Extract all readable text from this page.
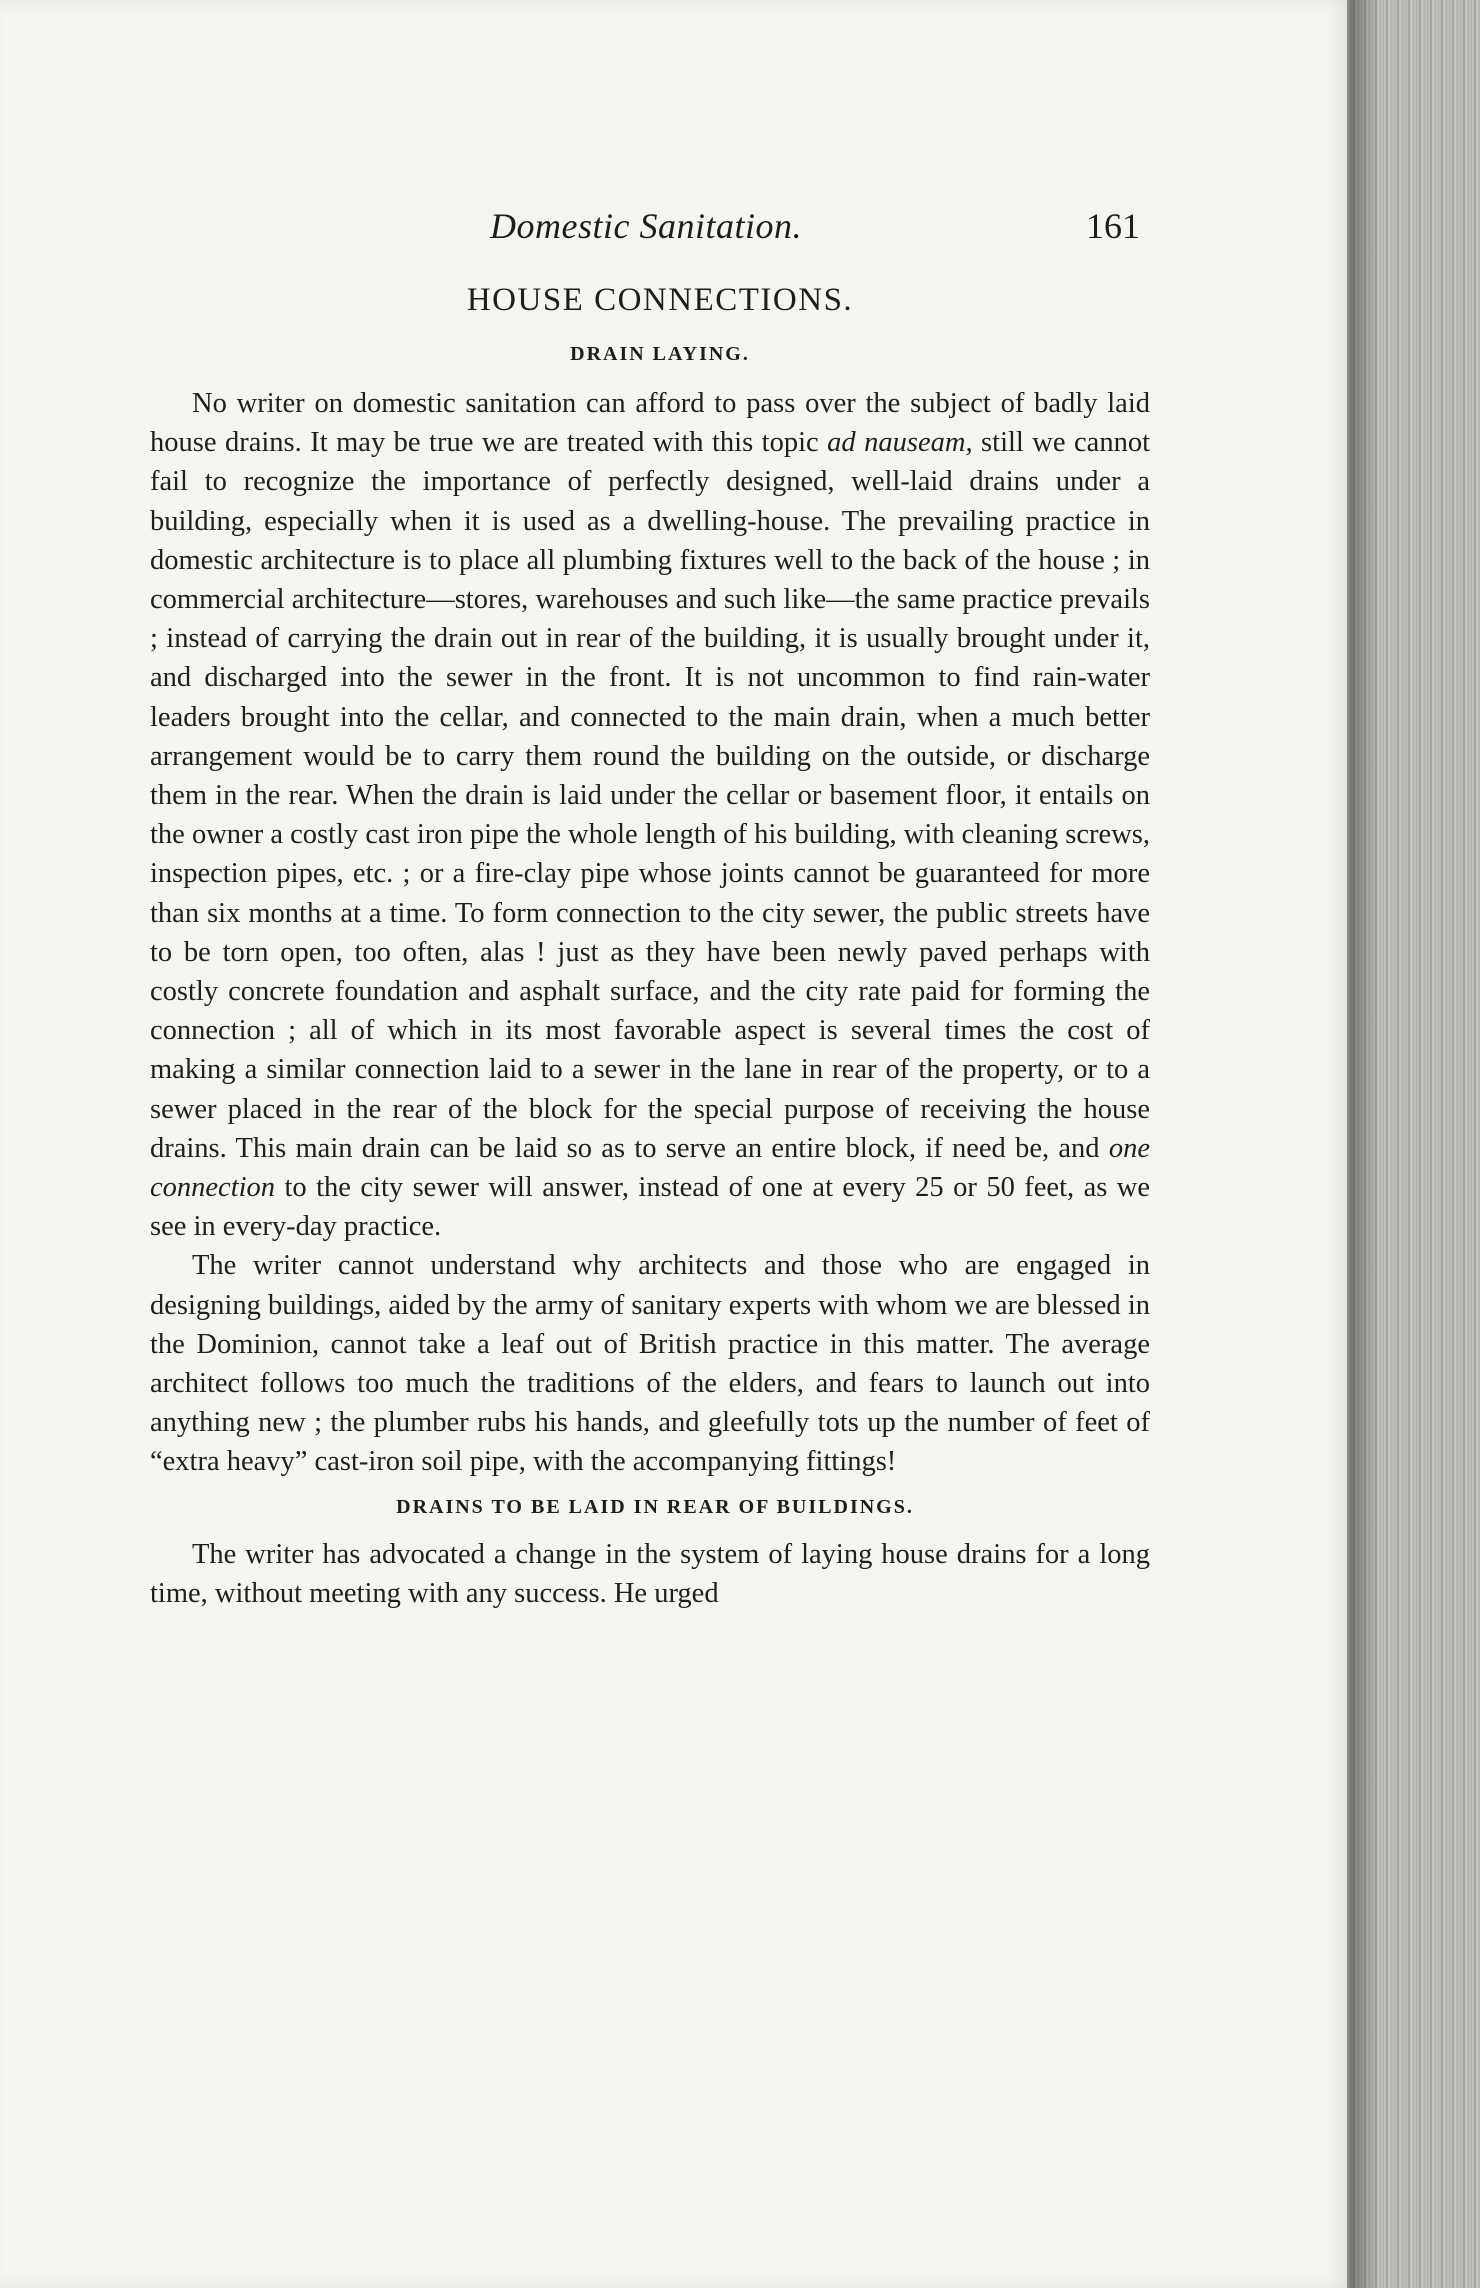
Domestic Sanitation.	161
HOUSE CONNECTIONS.
DRAIN LAYING.

No writer on domestic sanitation can afford to pass over the subject of badly laid house drains. It may be true we are treated with this topic ad nauseam, still we cannot fail to recognize the importance of perfectly designed, well-laid drains under a building, especially when it is used as a dwelling-house. The prevailing practice in domestic architecture is to place all plumbing fixtures well to the back of the house ; in commercial architecture—stores, warehouses and such like—the same practice prevails ; instead of carrying the drain out in rear of the building, it is usually brought under it, and discharged into the sewer in the front. It is not uncommon to find rain-water leaders brought into the cellar, and connected to the main drain, when a much better arrangement would be to carry them round the building on the outside, or discharge them in the rear. When the drain is laid under the cellar or basement floor, it entails on the owner a costly cast iron pipe the whole length of his building, with cleaning screws, inspection pipes, etc. ; or a fire-clay pipe whose joints cannot be guaranteed for more than six months at a time. To form connection to the city sewer, the public streets have to be torn open, too often, alas ! just as they have been newly paved perhaps with costly concrete foundation and asphalt surface, and the city rate paid for forming the connection ; all of which in its most favorable aspect is several times the cost of making a similar connection laid to a sewer in the lane in rear of the property, or to a sewer placed in the rear of the block for the special purpose of receiving the house drains. This main drain can be laid so as to serve an entire block, if need be, and one connection to the city sewer will answer, instead of one at every 25 or 50 feet, as we see in every-day practice.

The writer cannot understand why architects and those who are engaged in designing buildings, aided by the army of sanitary experts with whom we are blessed in the Dominion, cannot take a leaf out of British practice in this matter. The average architect follows too much the traditions of the elders, and fears to launch out into anything new ; the plumber rubs his hands, and gleefully tots up the number of feet of “extra heavy” cast-iron soil pipe, with the accompanying fittings!

DRAINS TO BE LAID IN REAR OF BUILDINGS.

The writer has advocated a change in the system of laying house drains for a long time, without meeting with any success. He urged
